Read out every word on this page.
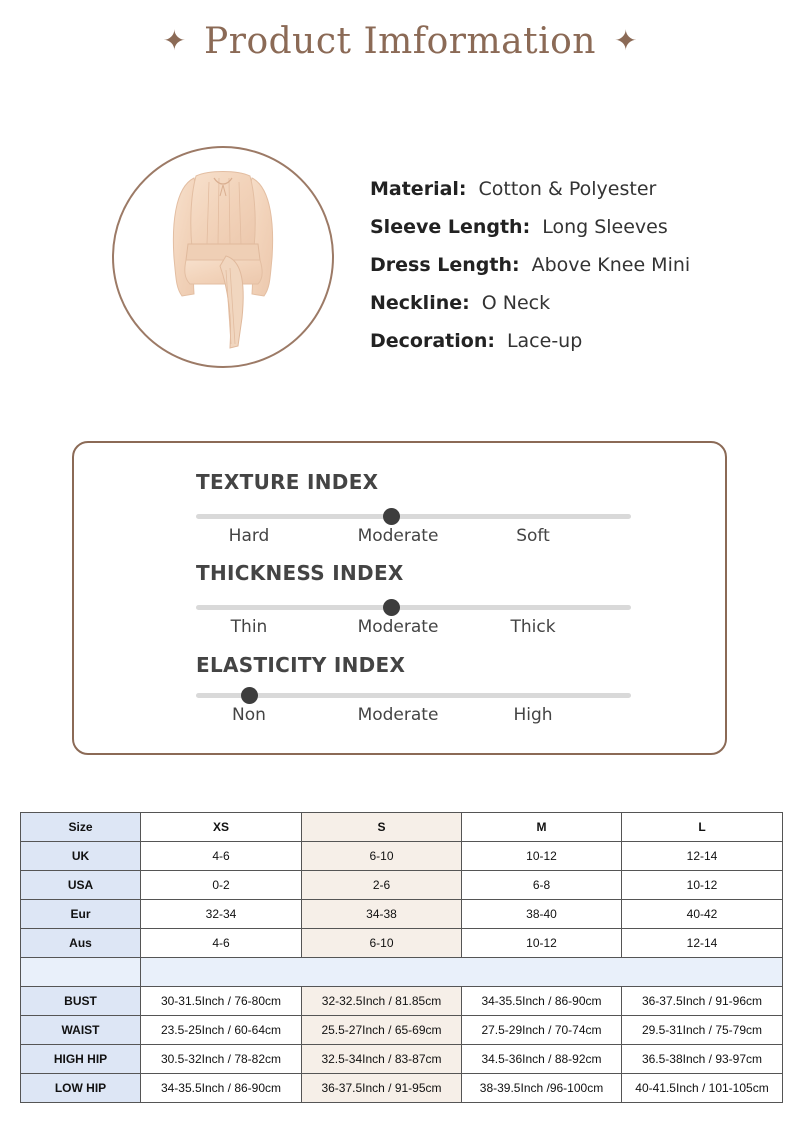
✦ Product Imformation ✦
Material: Cotton & Polyester
Sleeve Length: Long Sleeves
Dress Length: Above Knee Mini
Neckline: O Neck
Decoration: Lace-up
TEXTURE INDEX
Hard	Moderate	Soft
THICKNESS INDEX
Thin	Moderate	Thick
ELASTICITY INDEX
Non	Moderate	High
Size	XS	S	M	L
UK	4-6	6-10	10-12	12-14
USA	0-2	2-6	6-8	10-12
Eur	32-34	34-38	38-40	40-42
Aus	4-6	6-10	10-12	12-14

BUST	30-31.5Inch / 76-80cm	32-32.5Inch / 81.85cm	34-35.5Inch / 86-90cm	36-37.5Inch / 91-96cm
WAIST	23.5-25Inch / 60-64cm	25.5-27Inch / 65-69cm	27.5-29Inch / 70-74cm	29.5-31Inch / 75-79cm
HIGH HIP	30.5-32Inch / 78-82cm	32.5-34Inch / 83-87cm	34.5-36Inch / 88-92cm	36.5-38Inch / 93-97cm
LOW HIP	34-35.5Inch / 86-90cm	36-37.5Inch / 91-95cm	38-39.5Inch /96-100cm	40-41.5Inch / 101-105cm
